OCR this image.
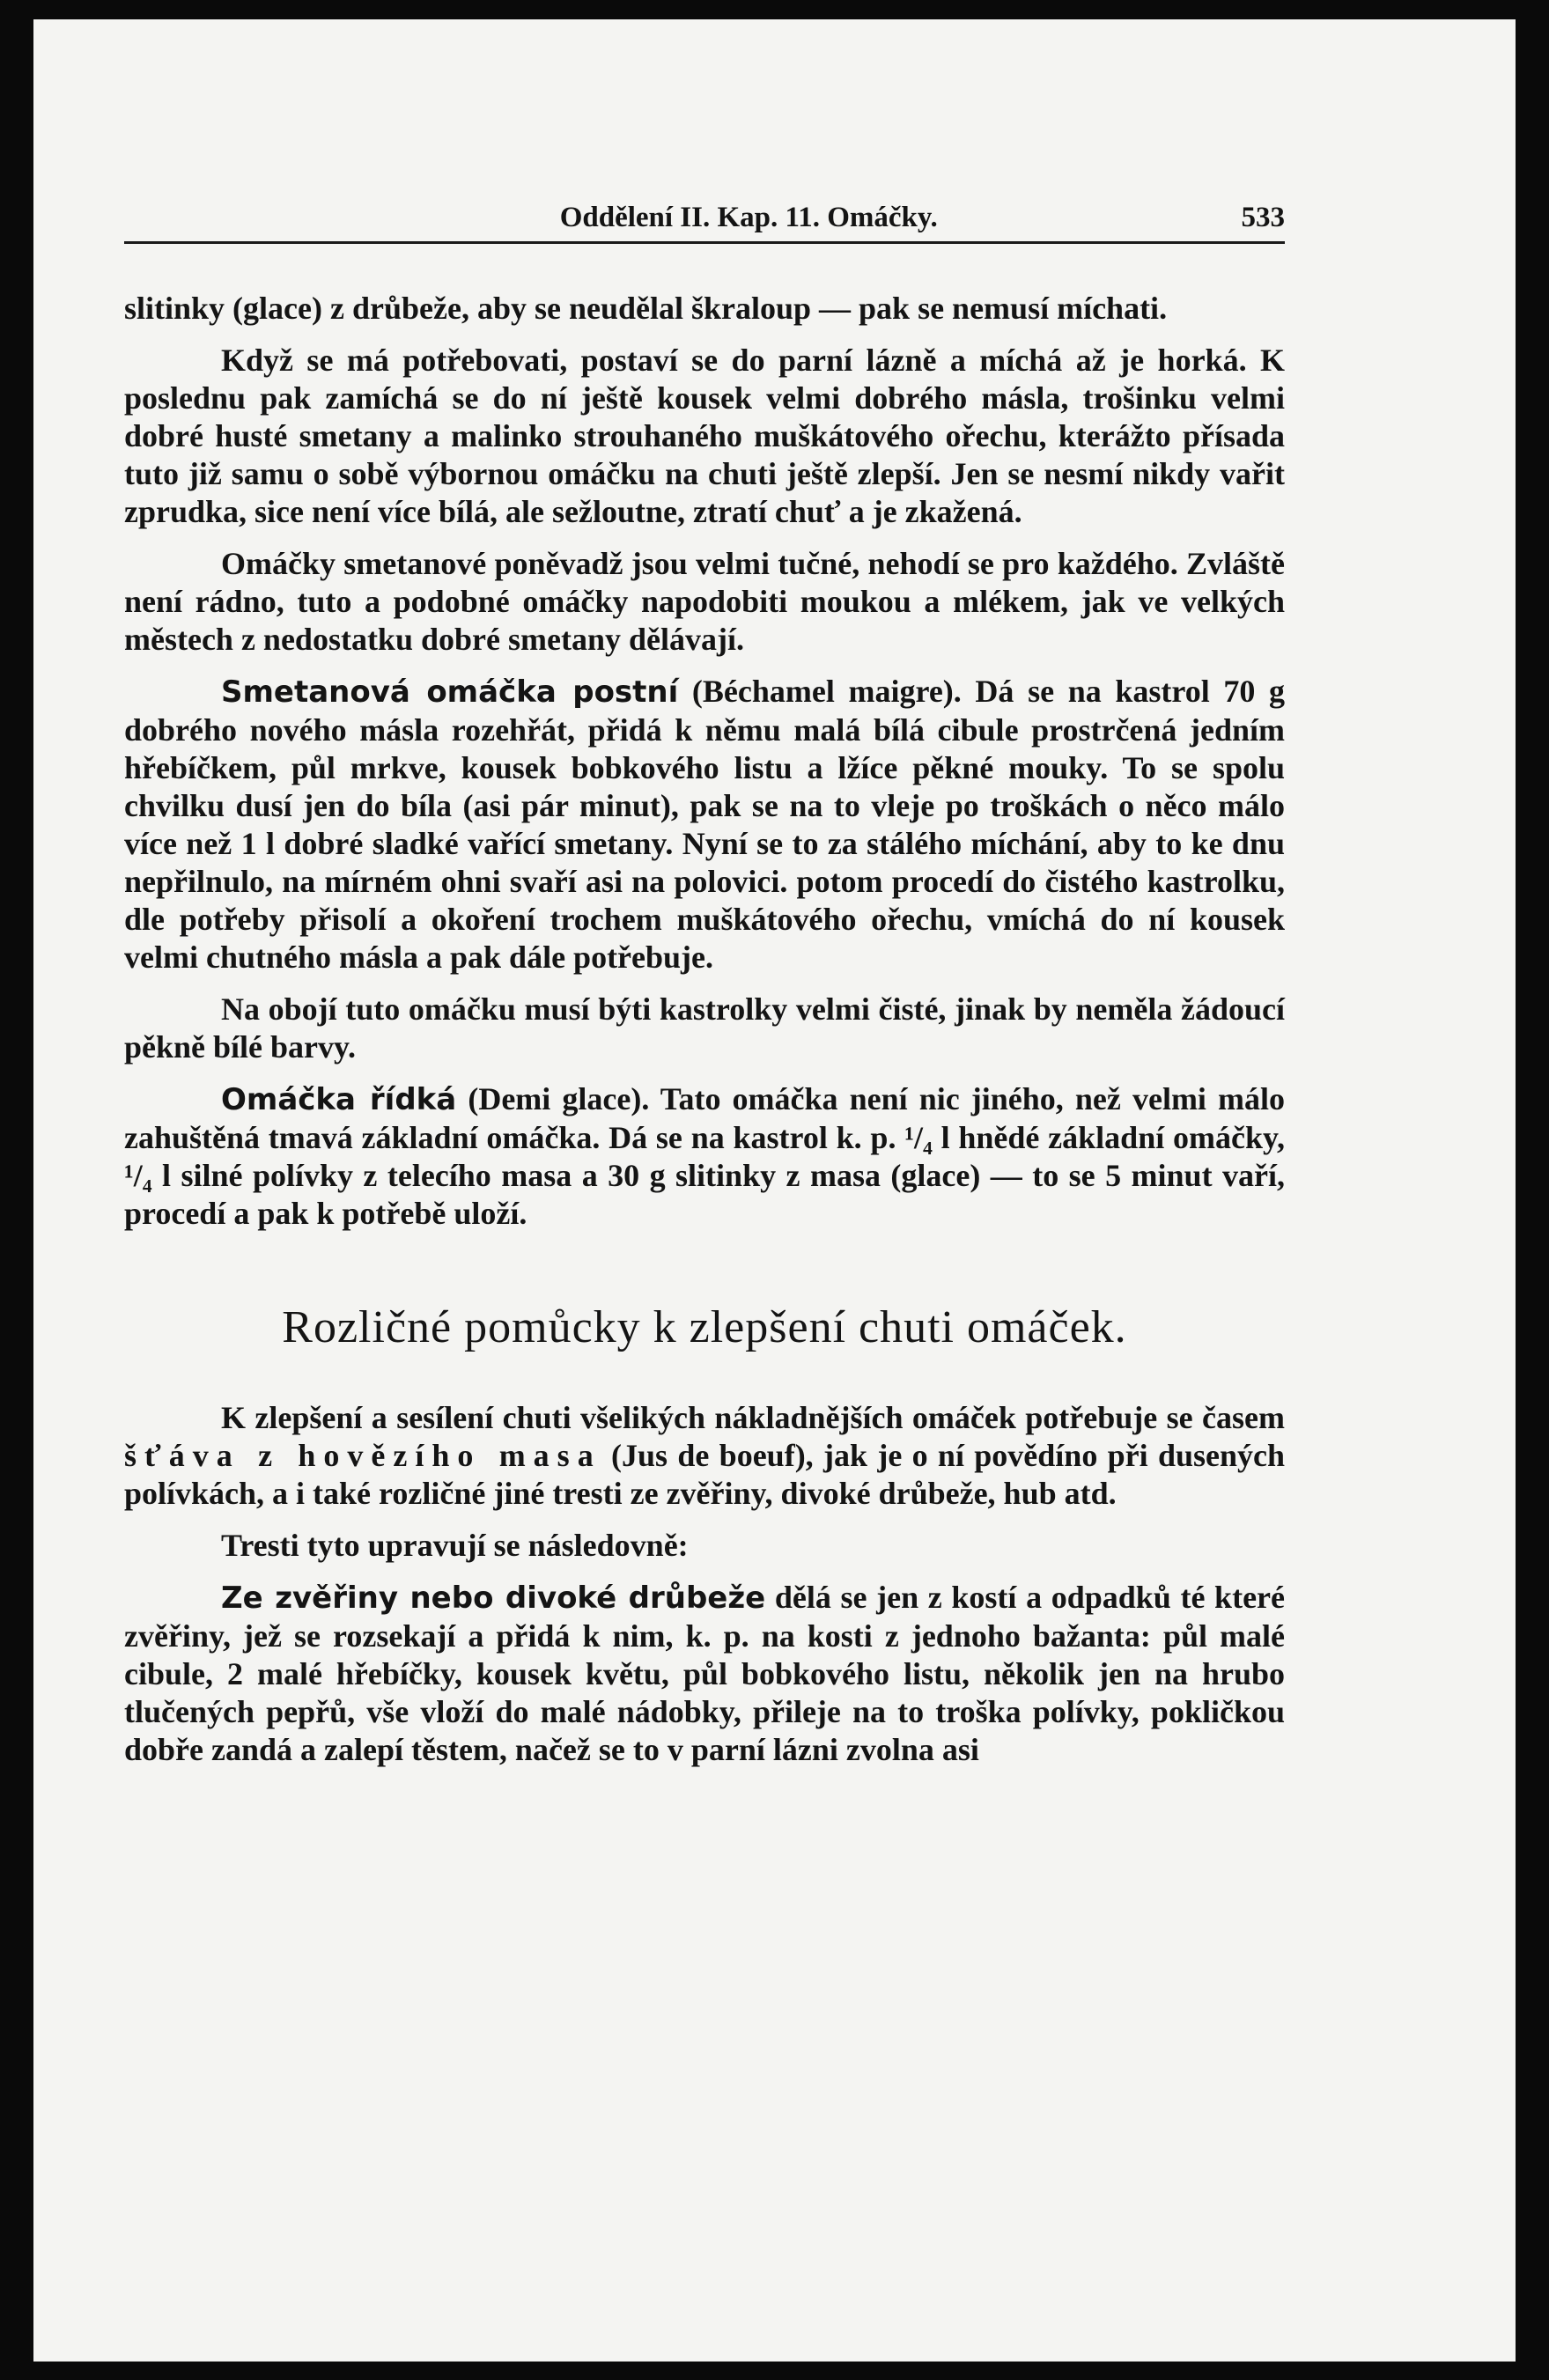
Oddělení II. Kap. 11. Omáčky.	533

slitinky (glace) z drůbeže, aby se neudělal škraloup — pak se nemusí míchati.

Když se má potřebovati, postaví se do parní lázně a míchá až je horká. K poslednu pak zamíchá se do ní ještě kousek velmi dobrého másla, trošinku velmi dobré husté smetany a malinko strouhaného muškátového ořechu, kterážto přísada tuto již samu o sobě výbornou omáčku na chuti ještě zlepší. Jen se nesmí nikdy vařit zprudka, sice není více bílá, ale sežloutne, ztratí chuť a je zkažená.

Omáčky smetanové poněvadž jsou velmi tučné, nehodí se pro každého. Zvláště není rádno, tuto a podobné omáčky napodobiti moukou a mlékem, jak ve velkých městech z nedostatku dobré smetany dělávají.

Smetanová omáčka postní (Béchamel maigre). Dá se na kastrol 70 g dobrého nového másla rozehřát, přidá k němu malá bílá cibule prostrčená jedním hřebíčkem, půl mrkve, kousek bobkového listu a lžíce pěkné mouky. To se spolu chvilku dusí jen do bíla (asi pár minut), pak se na to vleje po troškách o něco málo více než 1 l dobré sladké vařící smetany. Nyní se to za stálého míchání, aby to ke dnu nepřilnulo, na mírném ohni svaří asi na polovici. potom procedí do čistého kastrolku, dle potřeby přisolí a okoření trochem muškátového ořechu, vmíchá do ní kousek velmi chutného másla a pak dále potřebuje.

Na obojí tuto omáčku musí býti kastrolky velmi čisté, jinak by neměla žádoucí pěkně bílé barvy.

Omáčka řídká (Demi glace). Tato omáčka není nic jiného, než velmi málo zahuštěná tmavá základní omáčka. Dá se na kastrol k. p. ¹/₄ l hnědé základní omáčky, ¹/₄ l silné polívky z telecího masa a 30 g slitinky z masa (glace) — to se 5 minut vaří, procedí a pak k potřebě uloží.

Rozličné pomůcky k zlepšení chuti omáček.

K zlepšení a sesílení chuti všelikých nákladnějších omáček potřebuje se časem šťáva z hovězího masa (Jus de boeuf), jak je o ní povědíno při dusených polívkách, a i také rozličné jiné tresti ze zvěřiny, divoké drůbeže, hub atd.

Tresti tyto upravují se následovně:

Ze zvěřiny nebo divoké drůbeže dělá se jen z kostí a odpadků té které zvěřiny, jež se rozsekají a přidá k nim, k. p. na kosti z jednoho bažanta: půl malé cibule, 2 malé hřebíčky, kousek květu, půl bobkového listu, několik jen na hrubo tlučených pepřů, vše vloží do malé nádobky, přileje na to troška polívky, pokličkou dobře zandá a zalepí těstem, načež se to v parní lázni zvolna asi
